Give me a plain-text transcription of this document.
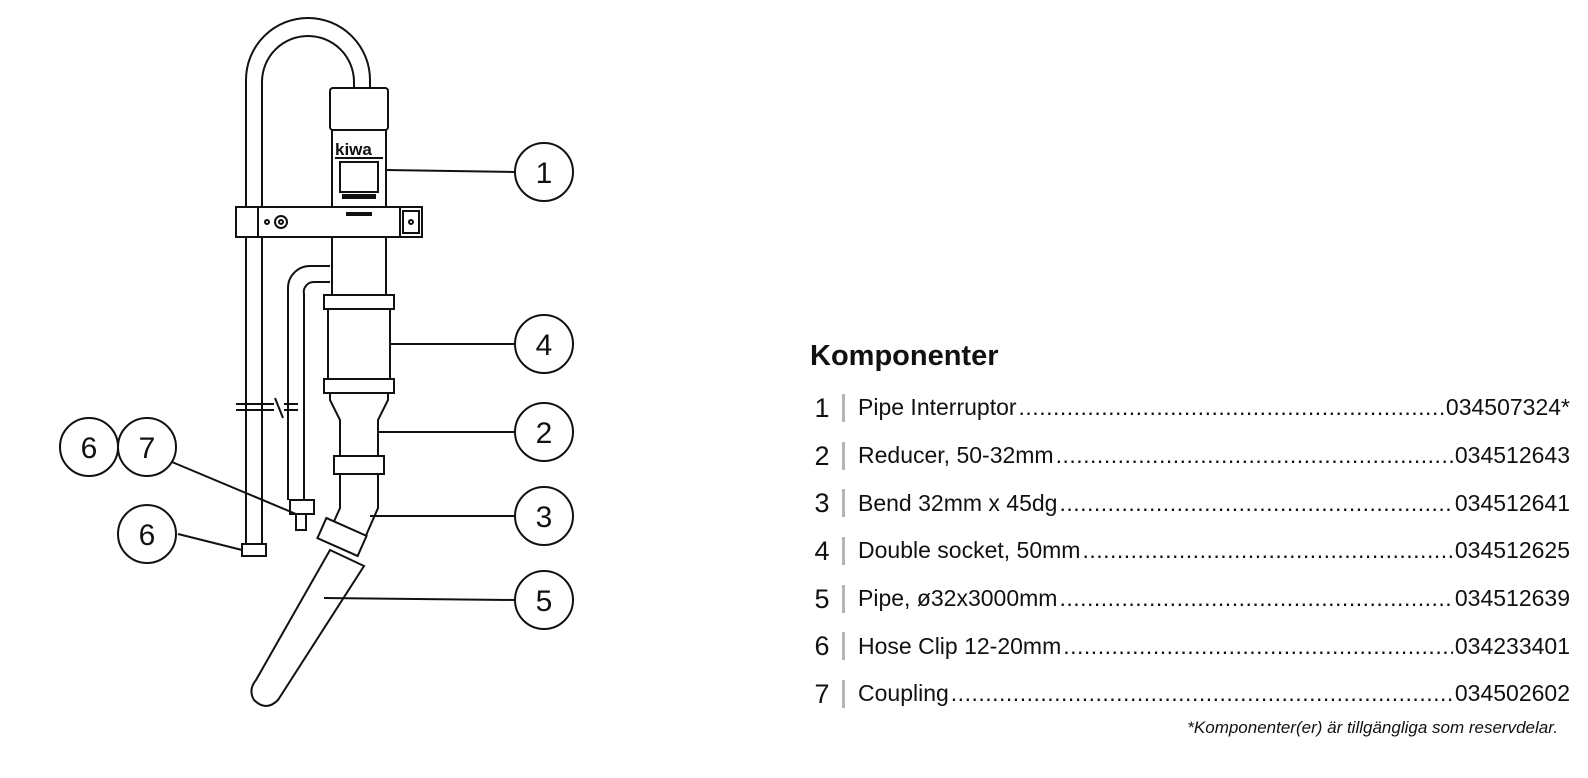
kiwa
1
4
2
3
5
6 7
6
Komponenter
1 Pipe Interruptor .....	034507324*
2 Reducer, 50-32mm .....	034512643
3 Bend 32mm x 45dg .....	034512641
4 Double socket, 50mm .....	034512625
5 Pipe, ø32x3000mm .....	034512639
6 Hose Clip 12-20mm .....	034233401
7 Coupling .....	034502602
*Komponenter(er) är tillgängliga som reservdelar.
